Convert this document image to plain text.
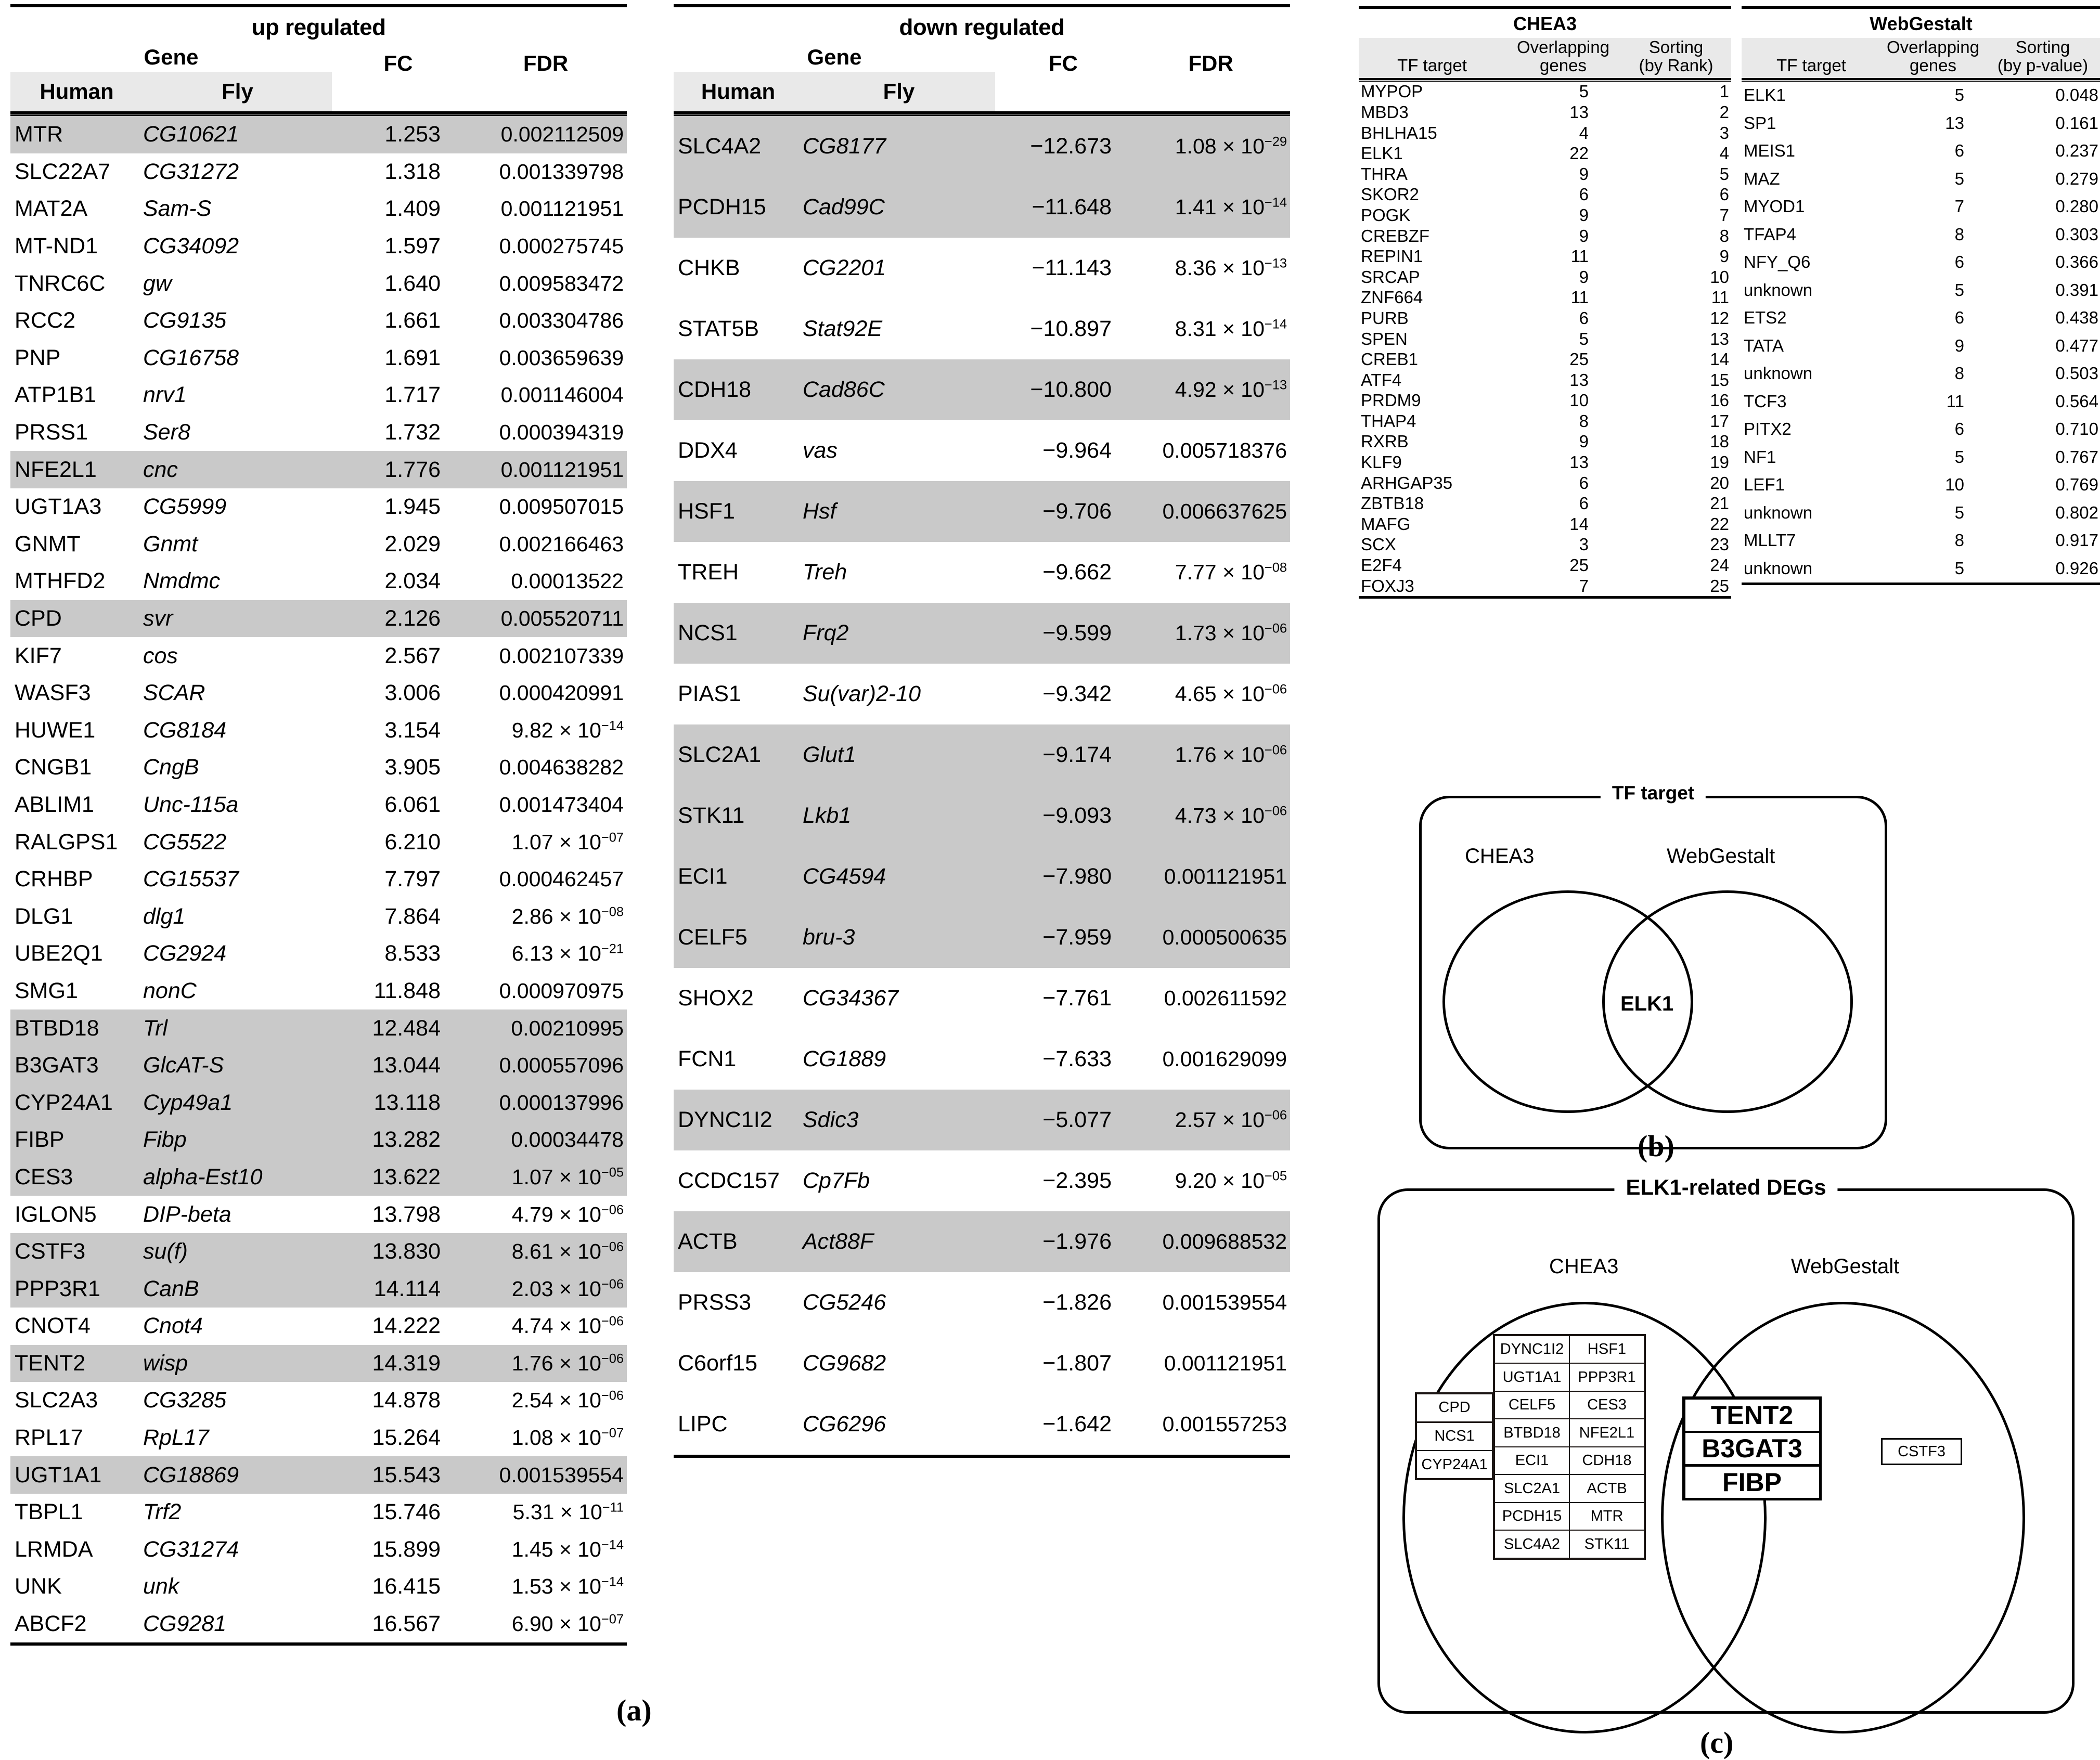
up regulated
Gene
Human	Fly
FC	FDR
MTR	CG10621	1.253	0.002112509
SLC22A7	CG31272	1.318	0.001339798
MAT2A	Sam-S	1.409	0.001121951
MT-ND1	CG34092	1.597	0.000275745
TNRC6C	gw	1.640	0.009583472
RCC2	CG9135	1.661	0.003304786
PNP	CG16758	1.691	0.003659639
ATP1B1	nrv1	1.717	0.001146004
PRSS1	Ser8	1.732	0.000394319
NFE2L1	cnc	1.776	0.001121951
UGT1A3	CG5999	1.945	0.009507015
GNMT	Gnmt	2.029	0.002166463
MTHFD2	Nmdmc	2.034	0.00013522
CPD	svr	2.126	0.005520711
KIF7	cos	2.567	0.002107339
WASF3	SCAR	3.006	0.000420991
HUWE1	CG8184	3.154	$9.82 \times 10^{-14}$
CNGB1	CngB	3.905	0.004638282
ABLIM1	Unc-115a	6.061	0.001473404
RALGPS1	CG5522	6.210	$1.07 \times 10^{-07}$
CRHBP	CG15537	7.797	0.000462457
DLG1	dlg1	7.864	$2.86 \times 10^{-08}$
UBE2Q1	CG2924	8.533	$6.13 \times 10^{-21}$
SMG1	nonC	11.848	0.000970975
BTBD18	Trl	12.484	0.00210995
B3GAT3	GlcAT-S	13.044	0.000557096
CYP24A1	Cyp49a1	13.118	0.000137996
FIBP	Fibp	13.282	0.00034478
CES3	alpha-Est10	13.622	$1.07 \times 10^{-05}$
IGLON5	DIP-beta	13.798	$4.79 \times 10^{-06}$
CSTF3	su(f)	13.830	$8.61 \times 10^{-06}$
PPP3R1	CanB	14.114	$2.03 \times 10^{-06}$
CNOT4	Cnot4	14.222	$4.74 \times 10^{-06}$
TENT2	wisp	14.319	$1.76 \times 10^{-06}$
SLC2A3	CG3285	14.878	$2.54 \times 10^{-06}$
RPL17	RpL17	15.264	$1.08 \times 10^{-07}$
UGT1A1	CG18869	15.543	0.001539554
TBPL1	Trf2	15.746	$5.31 \times 10^{-11}$
LRMDA	CG31274	15.899	$1.45 \times 10^{-14}$
UNK	unk	16.415	$1.53 \times 10^{-14}$
ABCF2	CG9281	16.567	$6.90 \times 10^{-07}$
down regulated
Gene
Human	Fly
FC	FDR
SLC4A2	CG8177	−12.673	$1.08 \times 10^{-29}$
PCDH15	Cad99C	−11.648	$1.41 \times 10^{-14}$
CHKB	CG2201	−11.143	$8.36 \times 10^{-13}$
STAT5B	Stat92E	−10.897	$8.31 \times 10^{-14}$
CDH18	Cad86C	−10.800	$4.92 \times 10^{-13}$
DDX4	vas	−9.964	0.005718376
HSF1	Hsf	−9.706	0.006637625
TREH	Treh	−9.662	$7.77 \times 10^{-08}$
NCS1	Frq2	−9.599	$1.73 \times 10^{-06}$
PIAS1	Su(var)2-10	−9.342	$4.65 \times 10^{-06}$
SLC2A1	Glut1	−9.174	$1.76 \times 10^{-06}$
STK11	Lkb1	−9.093	$4.73 \times 10^{-06}$
ECI1	CG4594	−7.980	0.001121951
CELF5	bru-3	−7.959	0.000500635
SHOX2	CG34367	−7.761	0.002611592
FCN1	CG1889	−7.633	0.001629099
DYNC1I2	Sdic3	−5.077	$2.57 \times 10^{-06}$
CCDC157	Cp7Fb	−2.395	$9.20 \times 10^{-05}$
ACTB	Act88F	−1.976	0.009688532
PRSS3	CG5246	−1.826	0.001539554
C6orf15	CG9682	−1.807	0.001121951
LIPC	CG6296	−1.642	0.001557253
(a)
CHEA3
TF target
Overlapping
genes
Sorting
(by Rank)
MYPOP	5	1
MBD3	13	2
BHLHA15	4	3
ELK1	22	4
THRA	9	5
SKOR2	6	6
POGK	9	7
CREBZF	9	8
REPIN1	11	9
SRCAP	9	10
ZNF664	11	11
PURB	6	12
SPEN	5	13
CREB1	25	14
ATF4	13	15
PRDM9	10	16
THAP4	8	17
RXRB	9	18
KLF9	13	19
ARHGAP35	6	20
ZBTB18	6	21
MAFG	14	22
SCX	3	23
E2F4	25	24
FOXJ3	7	25
WebGestalt
TF target
Overlapping
genes
Sorting
(by p-value)
ELK1	5	0.048
SP1	13	0.161
MEIS1	6	0.237
MAZ	5	0.279
MYOD1	7	0.280
TFAP4	8	0.303
NFY_Q6	6	0.366
unknown	5	0.391
ETS2	6	0.438
TATA	9	0.477
unknown	8	0.503
TCF3	11	0.564
PITX2	6	0.710
NF1	5	0.767
LEF1	10	0.769
unknown	5	0.802
MLLT7	8	0.917
unknown	5	0.926
TF target
CHEA3	WebGestalt
ELK1
(b)
ELK1-related DEGs
CHEA3	WebGestalt
CPD
NCS1
CYP24A1
DYNC1I2	HSF1
UGT1A1	PPP3R1
CELF5	CES3
BTBD18	NFE2L1
ECI1	CDH18
SLC2A1	ACTB
PCDH15	MTR
SLC4A2	STK11
TENT2
B3GAT3
FIBP
CSTF3
(c)
